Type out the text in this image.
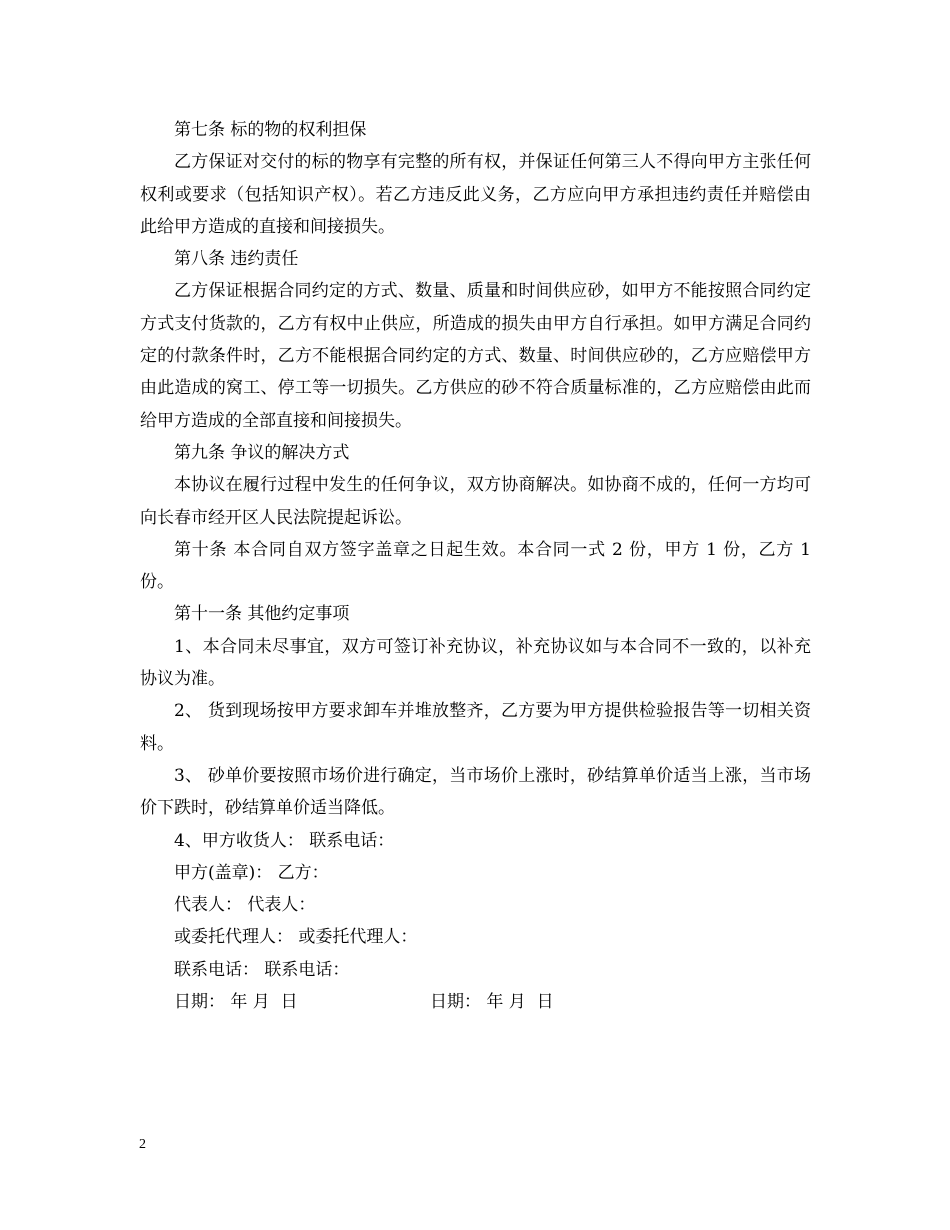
第七条 标的物的权利担保

乙方保证对交付的标的物享有完整的所有权，并保证任何第三人不得向甲方主张任何权利或要求（包括知识产权）。若乙方违反此义务，乙方应向甲方承担违约责任并赔偿由此给甲方造成的直接和间接损失。

第八条 违约责任

乙方保证根据合同约定的方式、数量、质量和时间供应砂，如甲方不能按照合同约定方式支付货款的，乙方有权中止供应，所造成的损失由甲方自行承担。如甲方满足合同约定的付款条件时，乙方不能根据合同约定的方式、数量、时间供应砂的，乙方应赔偿甲方由此造成的窝工、停工等一切损失。乙方供应的砂不符合质量标准的，乙方应赔偿由此而给甲方造成的全部直接和间接损失。

第九条 争议的解决方式

本协议在履行过程中发生的任何争议，双方协商解决。如协商不成的，任何一方均可向长春市经开区人民法院提起诉讼。

第十条 本合同自双方签字盖章之日起生效。本合同一式 2 份，甲方 1 份，乙方 1 份。

第十一条 其他约定事项

1、本合同未尽事宜，双方可签订补充协议，补充协议如与本合同不一致的，以补充协议为准。

2、 货到现场按甲方要求卸车并堆放整齐，乙方要为甲方提供检验报告等一切相关资料。

3、 砂单价要按照市场价进行确定，当市场价上涨时，砂结算单价适当上涨，当市场价下跌时，砂结算单价适当降低。

4、甲方收货人： 联系电话：

甲方(盖章)： 乙方：

代表人： 代表人：

或委托代理人： 或委托代理人：

联系电话： 联系电话：

日期： 年 月  日	日期： 年 月  日
2
